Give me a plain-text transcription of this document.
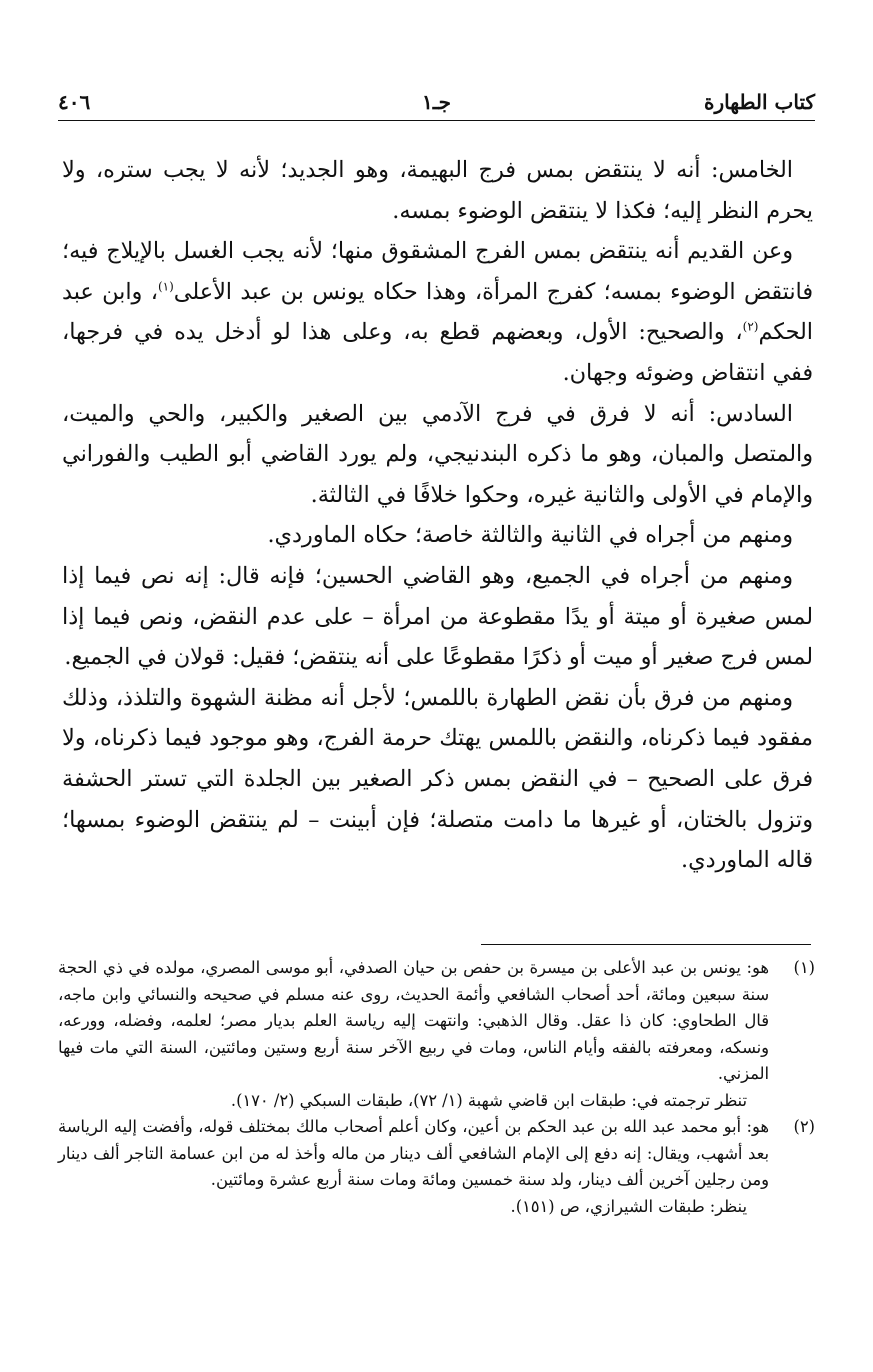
كتاب الطهارة
جـ١
٤٠٦

الخامس: أنه لا ينتقض بمس فرج البهيمة، وهو الجديد؛ لأنه لا يجب ستره، ولا يحرم النظر إليه؛ فكذا لا ينتقض الوضوء بمسه.

وعن القديم أنه ينتقض بمس الفرج المشقوق منها؛ لأنه يجب الغسل بالإيلاج فيه؛ فانتقض الوضوء بمسه؛ كفرج المرأة، وهذا حكاه يونس بن عبد الأعلى$^{(١)}$، وابن عبد الحكم$^{(٢)}$، والصحيح: الأول، وبعضهم قطع به، وعلى هذا لو أدخل يده في فرجها، ففي انتقاض وضوئه وجهان.

السادس: أنه لا فرق في فرج الآدمي بين الصغير والكبير، والحي والميت، والمتصل والمبان، وهو ما ذكره البندنيجي، ولم يورد القاضي أبو الطيب والفوراني والإمام في الأولى والثانية غيره، وحكوا خلافًا في الثالثة.

ومنهم من أجراه في الثانية والثالثة خاصة؛ حكاه الماوردي.

ومنهم من أجراه في الجميع، وهو القاضي الحسين؛ فإنه قال: إنه نص فيما إذا لمس صغيرة أو ميتة أو يدًا مقطوعة من امرأة – على عدم النقض، ونص فيما إذا لمس فرج صغير أو ميت أو ذكرًا مقطوعًا على أنه ينتقض؛ فقيل: قولان في الجميع.

ومنهم من فرق بأن نقض الطهارة باللمس؛ لأجل أنه مظنة الشهوة والتلذذ، وذلك مفقود فيما ذكرناه، والنقض باللمس يهتك حرمة الفرج، وهو موجود فيما ذكرناه، ولا فرق على الصحيح – في النقض بمس ذكر الصغير بين الجلدة التي تستر الحشفة وتزول بالختان، أو غيرها ما دامت متصلة؛ فإن أبينت – لم ينتقض الوضوء بمسها؛ قاله الماوردي.

(١)
هو: يونس بن عبد الأعلى بن ميسرة بن حفص بن حيان الصدفي، أبو موسى المصري، مولده في ذي الحجة سنة سبعين ومائة، أحد أصحاب الشافعي وأئمة الحديث، روى عنه مسلم في صحيحه والنسائي وابن ماجه، قال الطحاوي: كان ذا عقل. وقال الذهبي: وانتهت إليه رياسة العلم بديار مصر؛ لعلمه، وفضله، وورعه، ونسكه، ومعرفته بالفقه وأيام الناس، ومات في ربيع الآخر سنة أربع وستين ومائتين، السنة التي مات فيها المزني.
تنظر ترجمته في: طبقات ابن قاضي شهبة (١/ ٧٢)، طبقات السبكي (٢/ ١٧٠).
(٢)
هو: أبو محمد عبد الله بن عبد الحكم بن أعين، وكان أعلم أصحاب مالك بمختلف قوله، وأفضت إليه الرياسة بعد أشهب، ويقال: إنه دفع إلى الإمام الشافعي ألف دينار من ماله وأخذ له من ابن عسامة التاجر ألف دينار ومن رجلين آخرين ألف دينار، ولد سنة خمسين ومائة ومات سنة أربع عشرة ومائتين.
ينظر: طبقات الشيرازي، ص (١٥١).
